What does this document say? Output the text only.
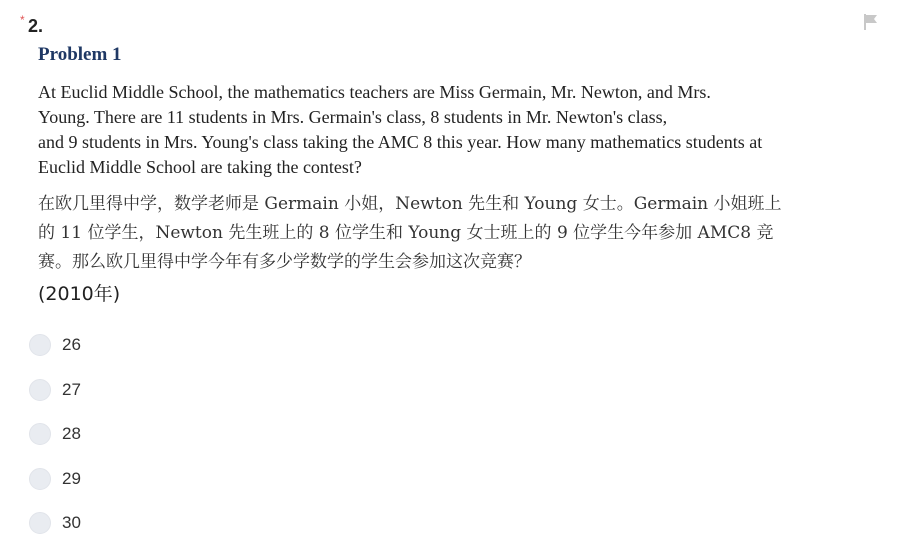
* 2.
Problem 1
At Euclid Middle School, the mathematics teachers are Miss Germain, Mr. Newton, and Mrs.
Young. There are 11 students in Mrs. Germain's class, 8 students in Mr. Newton's class,
and 9 students in Mrs. Young's class taking the AMC 8 this year. How many mathematics students at
Euclid Middle School are taking the contest?
在欧几里得中学，数学老师是 Germain 小姐，Newton 先生和 Young 女士。Germain 小姐班上
的 11 位学生，Newton 先生班上的 8 位学生和 Young 女士班上的 9 位学生今年参加 AMC8 竞
赛。那么欧几里得中学今年有多少学数学的学生会参加这次竞赛？
(2010年)
26
27
28
29
30
